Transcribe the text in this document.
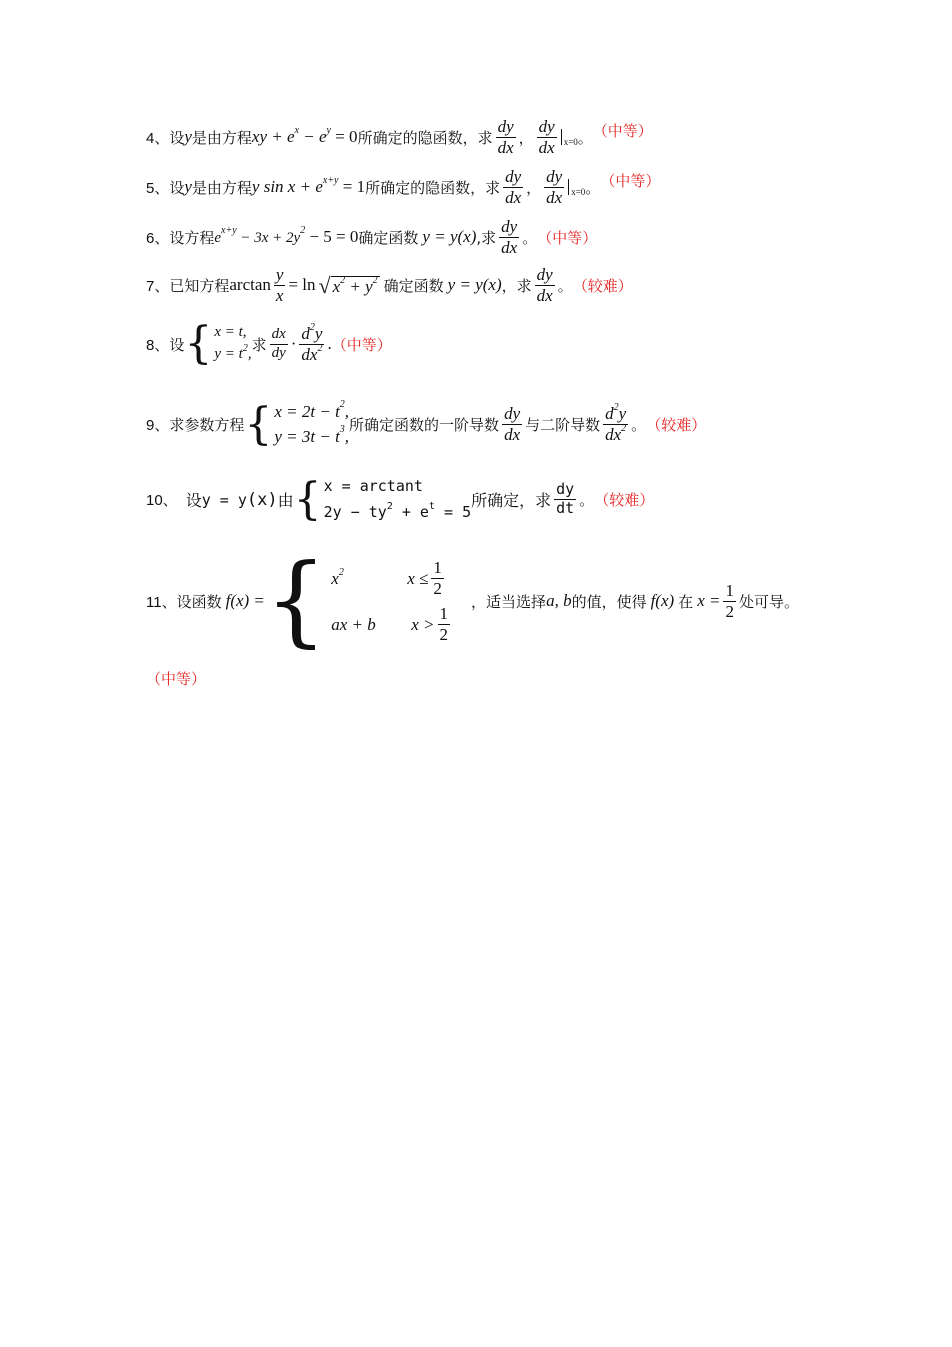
4、 设 y 是由方程 xy + $e^x - e^y = 0$ 所确定的隐函数，求 $\frac{dy}{dx}$ ， $\frac{dy}{dx} x=0$ 。 （中等）
5、 设 y 是由方程 y $\sin x + e^{x+y} = 1$ 所确定的隐函数，求 $\frac{dy}{dx}$ ， $\frac{dy}{dx} x=0$ 。 （中等）
6、 设方程 $e^{x+y} - 3x + 2y^2 - 5 = 0$ 确定函数 y = y(x) ,求 $\frac{dy}{dx}$ 。 （中等）
7、 已知方程 $\arctan \frac{y}{x} = \ln$ √ $x^2 + y^2$ 确定函数 y = y(x) ，求 $\frac{dy}{dx}$ 。 （较难）
8、 设 { x = t,
$y = t^2$,
求 $\frac{dx}{dy} \cdot \frac{d^2y}{dx^2}$ . （中等）
9、 求参数方程 { $x = 2t - t^2$,
$y = 3t - t^3$,
所确定函数的一阶导数 $\frac{dy}{dx}$ 与二阶导数 $\frac{d^2y}{dx^2}$ 。 （较难）
10、 设 y = y (x) 由 { x = arctant
$2y - ty^2 + e^t = 5$
所确定，求 $\frac{dy}{dt}$ 。 （较难）
11、 设函数 f(x) = { $x^2$	$x \le \frac{1}{2}$
ax + b	$x > \frac{1}{2}$
，适当选择 a, b 的值，使得 f(x) 在 $x = \frac{1}{2}$ 处可导。
（中等）
